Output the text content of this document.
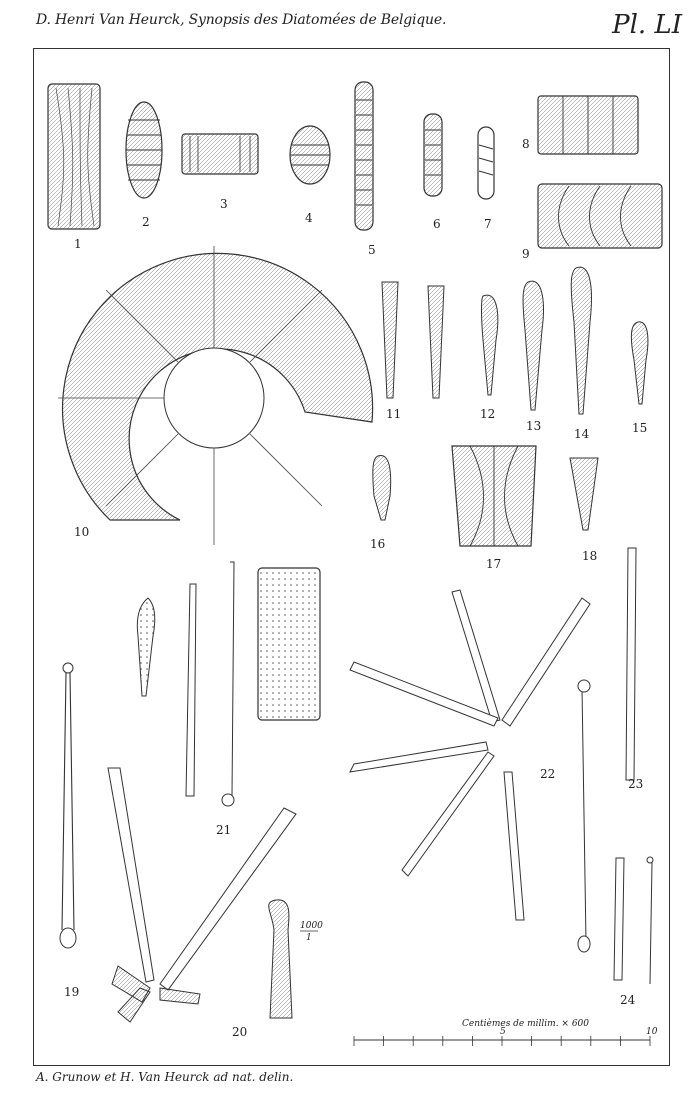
D. Henri Van Heurck, Synopsis des Diatomées de Belgique.	Pl. LI
A. Grunow et H. Van Heurck ad nat. delin.
1
2
3
4
5
6	7
8
9
10
11	12
13
14	15
16
17
18
19
20
21
22
23
24
1000
1
Centièmes de millim. × 600
5	10
